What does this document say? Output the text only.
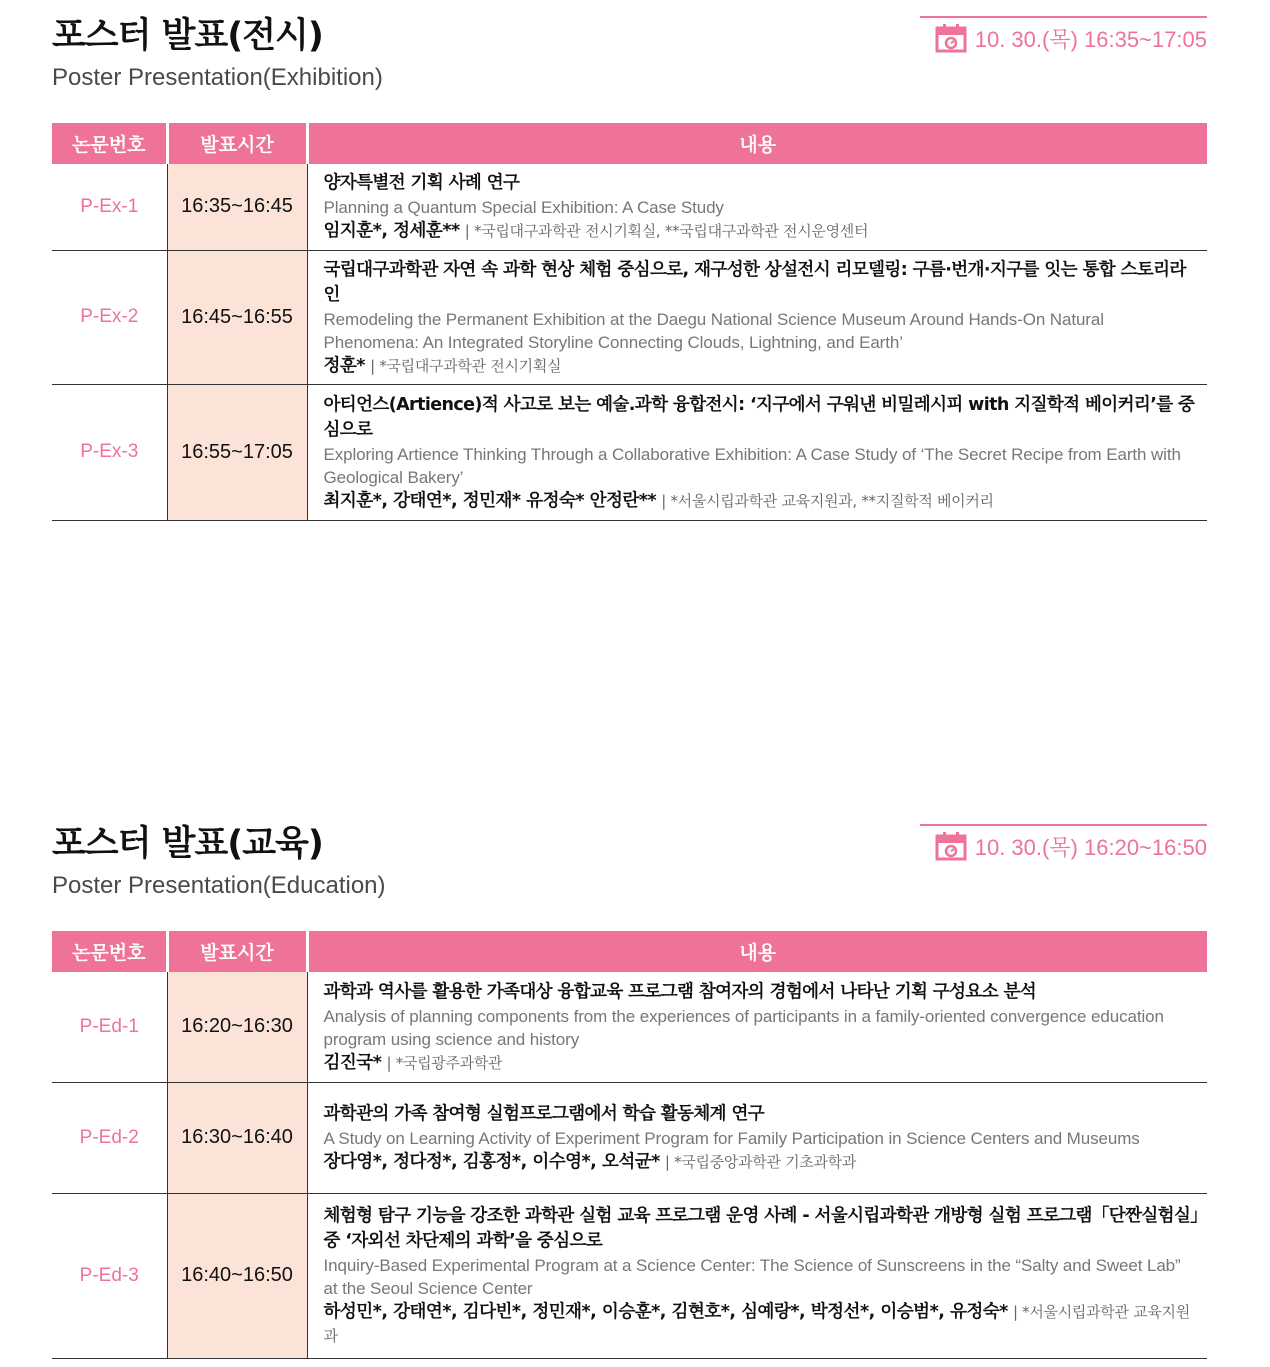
포스터 발표(전시)
Poster Presentation(Exhibition)
10. 30.(목) 16:35~17:05
논문번호	발표시간	내용
P-Ex-1	16:35~16:45	양자특별전 기획 사례 연구
Planning a Quantum Special Exhibition: A Case Study
임지훈*, 정세훈** | *국립대구과학관 전시기획실, **국립대구과학관 전시운영센터

P-Ex-2	16:45~16:55	국립대구과학관 자연 속 과학 현상 체험 중심으로, 재구성한 상설전시 리모델링: 구름·번개·지구를 잇는 통합 스토리라인
Remodeling the Permanent Exhibition at the Daegu National Science Museum Around Hands-On Natural Phenomena: An Integrated Storyline Connecting Clouds, Lightning, and Earth’
정훈* | *국립대구과학관 전시기획실

P-Ex-3	16:55~17:05	아티언스(Artience)적 사고로 보는 예술.과학 융합전시: ‘지구에서 구워낸 비밀레시피 with 지질학적 베이커리’를 중심으로
Exploring Artience Thinking Through a Collaborative Exhibition: A Case Study of ‘The Secret Recipe from Earth with Geological Bakery’
최지훈*, 강태연*, 정민재* 유정숙* 안정란** | *서울시립과학관 교육지원과, **지질학적 베이커리
포스터 발표(교육)
Poster Presentation(Education)
10. 30.(목) 16:20~16:50
논문번호	발표시간	내용
P-Ed-1	16:20~16:30	과학과 역사를 활용한 가족대상 융합교육 프로그램 참여자의 경험에서 나타난 기획 구성요소 분석
Analysis of planning components from the experiences of participants in a family-oriented convergence education program using science and history
김진국* | *국립광주과학관

P-Ed-2	16:30~16:40	과학관의 가족 참여형 실험프로그램에서 학습 활동체계 연구
A Study on Learning Activity of Experiment Program for Family Participation in Science Centers and Museums
장다영*, 정다정*, 김홍정*, 이수영*, 오석균* | *국립중앙과학관 기초과학과

P-Ed-3	16:40~16:50	체험형 탐구 기능을 강조한 과학관 실험 교육 프로그램 운영 사례 - 서울시립과학관 개방형 실험 프로그램「단짠실험실」중 ‘자외선 차단제의 과학’을 중심으로
Inquiry-Based Experimental Program at a Science Center: The Science of Sunscreens in the “Salty and Sweet Lab” at the Seoul Science Center
하성민*, 강태연*, 김다빈*, 정민재*, 이승훈*, 김현호*, 심예랑*, 박정선*, 이승범*, 유정숙* | *서울시립과학관 교육지원과
